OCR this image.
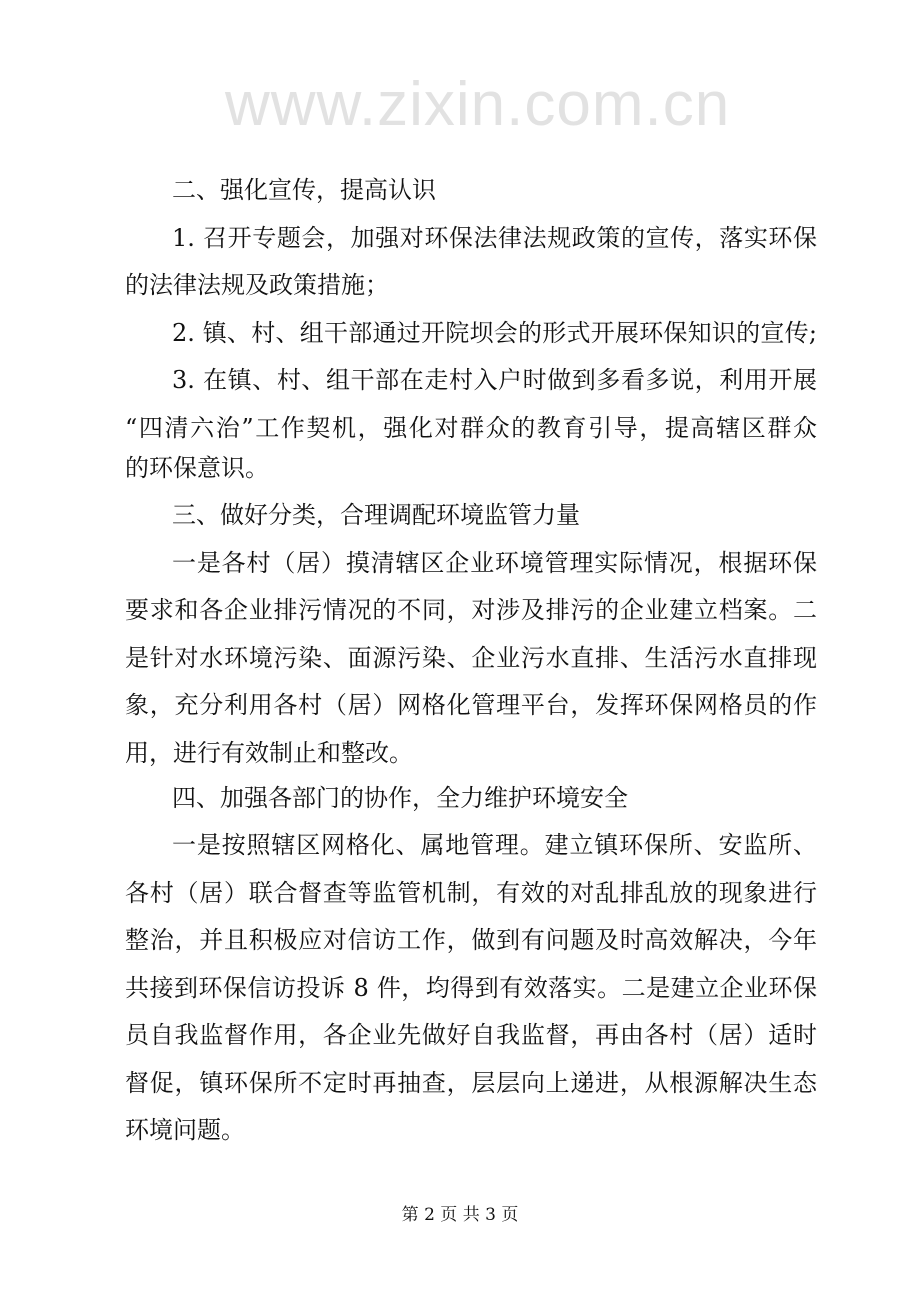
www.zixin.com.cn
二、强化宣传，提高认识
1. 召开专题会，加强对环保法律法规政策的宣传，落实环保
的法律法规及政策措施；
2. 镇、村、组干部通过开院坝会的形式开展环保知识的宣传;
3. 在镇、村、组干部在走村入户时做到多看多说，利用开展
“四清六治”工作契机，强化对群众的教育引导，提高辖区群众
的环保意识。
三、做好分类，合理调配环境监管力量
一是各村（居）摸清辖区企业环境管理实际情况，根据环保
要求和各企业排污情况的不同，对涉及排污的企业建立档案。二
是针对水环境污染、面源污染、企业污水直排、生活污水直排现
象，充分利用各村（居）网格化管理平台，发挥环保网格员的作
用，进行有效制止和整改。
四、加强各部门的协作，全力维护环境安全
一是按照辖区网格化、属地管理。建立镇环保所、安监所、
各村（居）联合督查等监管机制，有效的对乱排乱放的现象进行
整治，并且积极应对信访工作，做到有问题及时高效解决，今年
共接到环保信访投诉 8 件，均得到有效落实。二是建立企业环保
员自我监督作用，各企业先做好自我监督，再由各村（居）适时
督促，镇环保所不定时再抽查，层层向上递进，从根源解决生态
环境问题。
第 2 页 共 3 页
